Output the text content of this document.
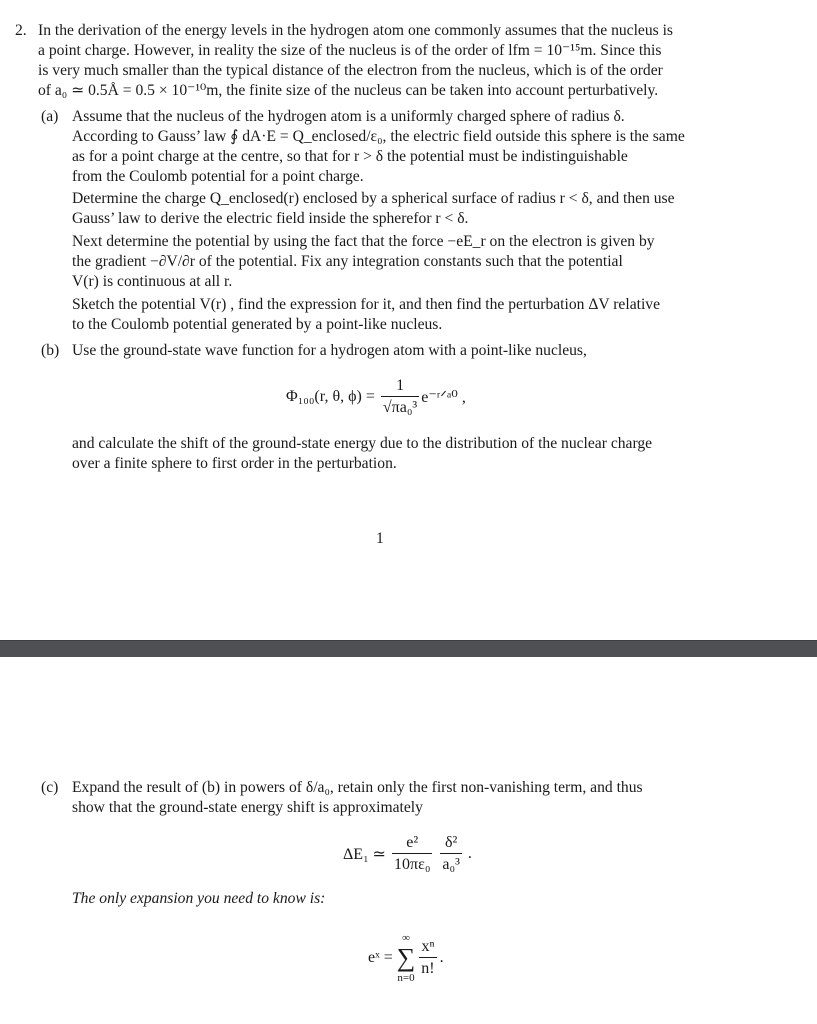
2. In the derivation of the energy levels in the hydrogen atom one commonly assumes that the nucleus is
a point charge. However, in reality the size of the nucleus is of the order of lfm = 10⁻¹⁵m. Since this
is very much smaller than the typical distance of the electron from the nucleus, which is of the order
of a₀ ≃ 0.5Å = 0.5 × 10⁻¹⁰m, the finite size of the nucleus can be taken into account perturbatively.
(a) Assume that the nucleus of the hydrogen atom is a uniformly charged sphere of radius δ.
According to Gauss’ law ∮ dA·E = Q_enclosed/ε₀, the electric field outside this sphere is the same
as for a point charge at the centre, so that for r > δ the potential must be indistinguishable
from the Coulomb potential for a point charge.
Determine the charge Q_enclosed(r) enclosed by a spherical surface of radius r < δ, and then use
Gauss’ law to derive the electric field inside the spherefor r < δ.
Next determine the potential by using the fact that the force −eE_r on the electron is given by
the gradient −∂V/∂r of the potential. Fix any integration constants such that the potential
V(r) is continuous at all r.
Sketch the potential V(r) , find the expression for it, and then find the perturbation ΔV relative
to the Coulomb potential generated by a point-like nucleus.
(b) Use the ground-state wave function for a hydrogen atom with a point-like nucleus,
Φ₁₀₀(r, θ, $\phi) = \frac{1}{\text{√πa₀³}}$ e⁻ʳᐟᵃ⁰ ,
and calculate the shift of the ground-state energy due to the distribution of the nuclear charge
over a finite sphere to first order in the perturbation.
1
(c) Expand the result of (b) in powers of δ/a₀, retain only the first non-vanishing term, and thus
show that the ground-state energy shift is approximately
ΔE₁ ≃ $\frac{\text{e²}}{\text{10πε₀}} \frac{\text{δ²}}{\text{a₀³}}$ .
The only expansion you need to know is:
eˣ =
∞
∑
$n=0 \frac{\text{xⁿ}}{n!}$ .
